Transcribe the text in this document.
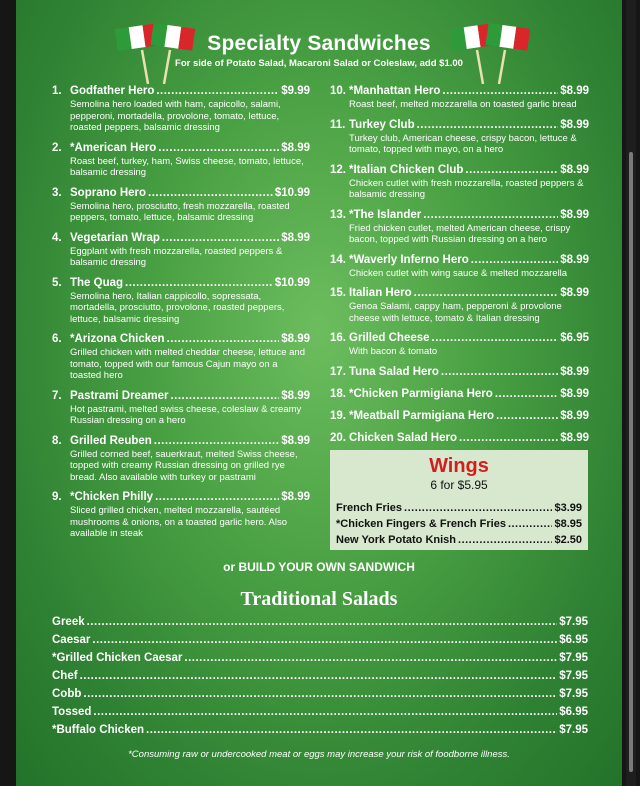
Specialty Sandwiches
For side of Potato Salad, Macaroni Salad or Coleslaw, add $1.00
1. Godfather Hero .....	$9.99
Semolina hero loaded with ham, capicollo, salami, pepperoni, mortadella, provolone, tomato, lettuce, roasted peppers, balsamic dressing
2. *American Hero .....	$8.99
Roast beef, turkey, ham, Swiss cheese, tomato, lettuce, balsamic dressing
3. Soprano Hero .....	$10.99
Semolina hero, prosciutto, fresh mozzarella, roasted peppers, tomato, lettuce, balsamic dressing
4. Vegetarian Wrap .....	$8.99
Eggplant with fresh mozzarella, roasted peppers & balsamic dressing
5. The Quag .....	$10.99
Semolina hero, Italian cappicollo, sopressata, mortadella, prosciutto, provolone, roasted peppers, lettuce, balsamic dressing
6. *Arizona Chicken .....	$8.99
Grilled chicken with melted cheddar cheese, lettuce and tomato, topped with our famous Cajun mayo on a toasted hero
7. Pastrami Dreamer .....	$8.99
Hot pastrami, melted swiss cheese, coleslaw & creamy Russian dressing on a hero
8. Grilled Reuben .....	$8.99
Grilled corned beef, sauerkraut, melted Swiss cheese, topped with creamy Russian dressing on grilled rye bread. Also available with turkey or pastrami
9. *Chicken Philly .....	$8.99
Sliced grilled chicken, melted mozzarella, sautéed mushrooms & onions, on a toasted garlic hero. Also available in steak
10. *Manhattan Hero .....	$8.99
Roast beef, melted mozzarella on toasted garlic bread
11. Turkey Club .....	$8.99
Turkey club, American cheese, crispy bacon, lettuce & tomato, topped with mayo, on a hero
12. *Italian Chicken Club .....	$8.99
Chicken cutlet with fresh mozzarella, roasted peppers & balsamic dressing
13. *The Islander .....	$8.99
Fried chicken cutlet, melted American cheese, crispy bacon, topped with Russian dressing on a hero
14. *Waverly Inferno Hero .....	$8.99
Chicken cutlet with wing sauce & melted mozzarella
15. Italian Hero .....	$8.99
Genoa Salami, cappy ham, pepperoni & provolone cheese with lettuce, tomato & Italian dressing
16. Grilled Cheese .....	$6.95
With bacon & tomato
17. Tuna Salad Hero .....	$8.99
18. *Chicken Parmigiana Hero .....	$8.99
19. *Meatball Parmigiana Hero .....	$8.99
20. Chicken Salad Hero .....	$8.99
Wings
6 for $5.95
French Fries .....	$3.99
*Chicken Fingers & French Fries .....	$8.95
New York Potato Knish .....	$2.50
or BUILD YOUR OWN SANDWICH
Traditional Salads
Greek .....	$7.95
Caesar .....	$6.95
*Grilled Chicken Caesar .....	$7.95
Chef .....	$7.95
Cobb .....	$7.95
Tossed .....	$6.95
*Buffalo Chicken .....	$7.95
*Consuming raw or undercooked meat or eggs may increase your risk of foodborne illness.
